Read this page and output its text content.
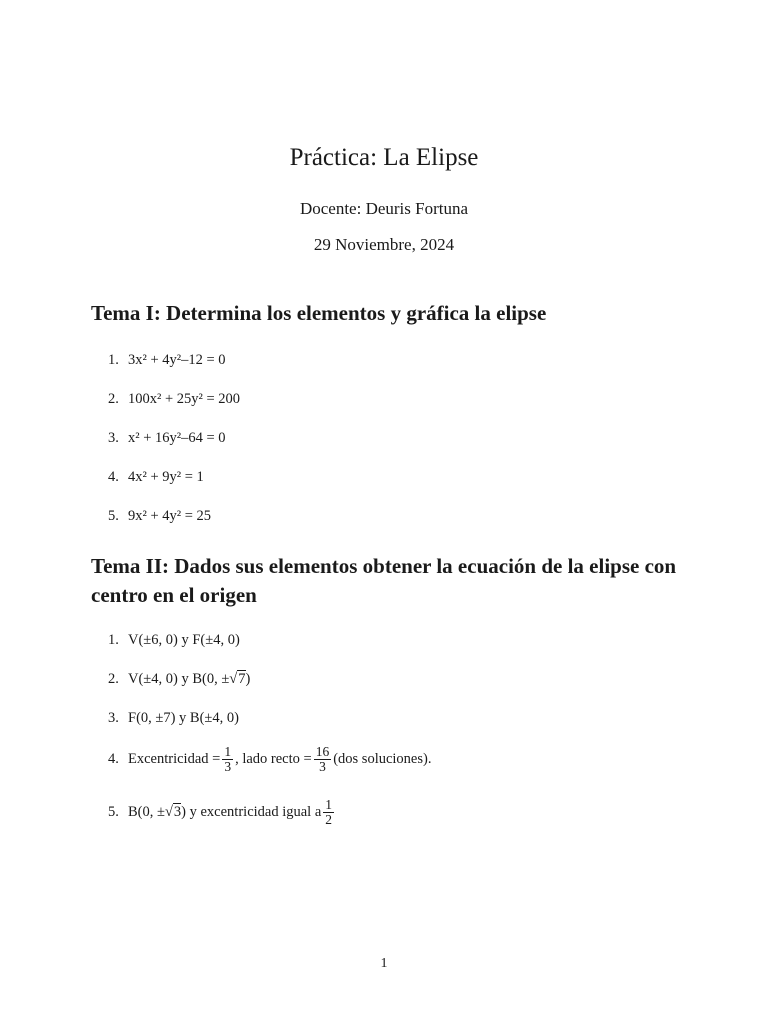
Práctica: La Elipse
Docente: Deuris Fortuna
29 Noviembre, 2024
Tema I: Determina los elementos y gráfica la elipse
1. 3x² + 4y²–12 = 0
2. 100x² + 25y² = 200
3. x² + 16y²–64 = 0
4. 4x² + 9y² = 1
5. 9x² + 4y² = 25
Tema II: Dados sus elementos obtener la ecuación de la elipse con centro en el origen
1. V(±6, 0) y F(±4, 0)
2. V(±4, 0) y B(0, ±√7)
3. F(0, ±7) y B(±4, 0)
4. Excentricidad = $\frac{1}{3}$ , lado recto = $\frac{16}{3} (dos$ soluciones).
5. B(0, ±√3) y excentricidad igual a $\frac{1}{2}$
1
